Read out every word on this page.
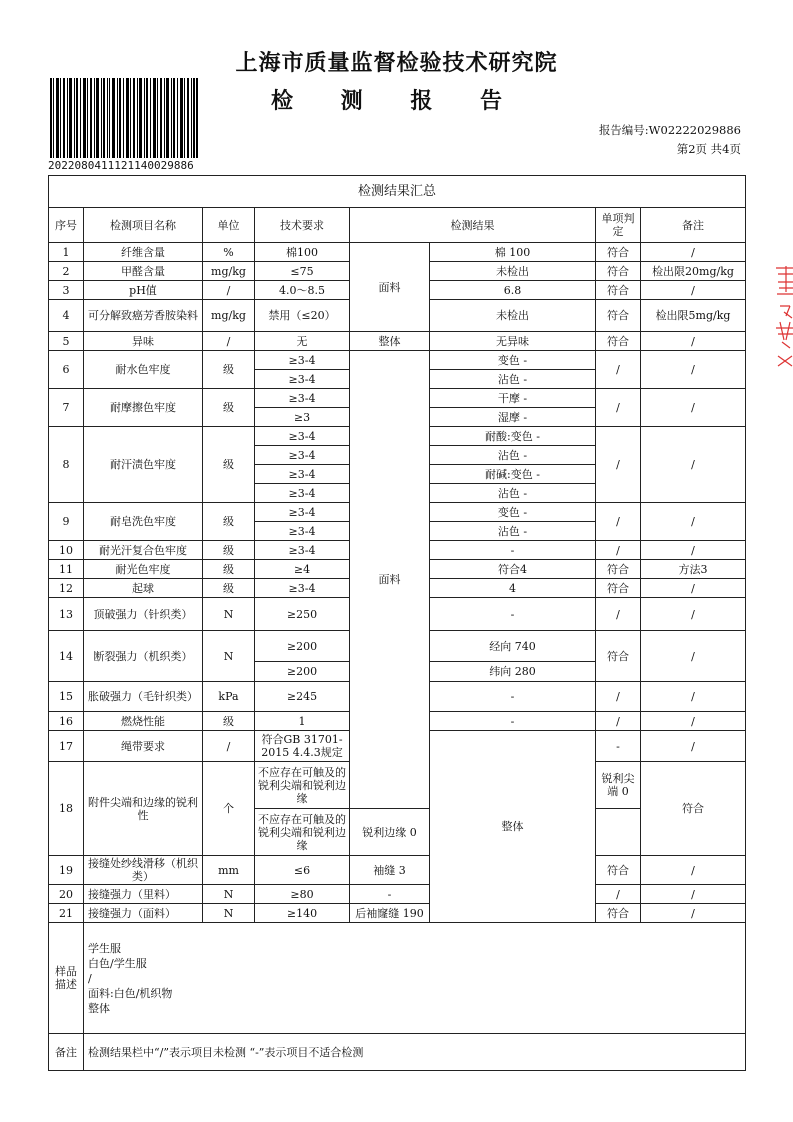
上海市质量监督检验技术研究院
检 测 报 告
2022080411121140029886
报告编号:W02222029886
第2页 共4页
检测结果汇总								
序号	检测项目名称	单位	技术要求	检测结果		单项判定	备注	
1	纤维含量	%	棉100	面料	棉 100	符合	/	
2	甲醛含量	mg/kg	≤75		未检出	符合	检出限20mg/kg	
3	pH值	/	4.0～8.5		6.8	符合	/	
4	可分解致癌芳香胺染料	mg/kg	禁用（≤20）		未检出	符合	检出限5mg/kg	
5	异味	/	无	整体	无异味	符合	/	
6	耐水色牢度	级	≥3-4	面料	变色 -	/	/	
			≥3-4		沾色 -			
7	耐摩擦色牢度	级	≥3-4		干摩 -	/	/	
			≥3		湿摩 -			
8	耐汗渍色牢度	级	≥3-4		耐酸:变色 -	/	/	
			≥3-4		沾色 -			
			≥3-4		耐碱:变色 -			
			≥3-4		沾色 -			
9	耐皂洗色牢度	级	≥3-4		变色 -	/	/	
			≥3-4		沾色 -			
10	耐光汗复合色牢度	级	≥3-4		-	/	/	
11	耐光色牢度	级	≥4		符合4	符合	方法3	
12	起球	级	≥3-4		4	符合	/	
13	顶破强力（针织类）	N	≥250		-	/	/	
14	断裂强力（机织类）	N	≥200		经向 740	符合	/	
			≥200		纬向 280			
15	胀破强力（毛针织类）	kPa	≥245		-	/	/	
16	燃烧性能	级	1		-	/	/	
17	绳带要求	/	符合GB 31701-2015 4.4.3规定		整体	-	/	
18	附件尖端和边缘的锐利性	个	不应存在可触及的锐利尖端和锐利边缘			锐利尖端 0	符合	
			不应存在可触及的锐利尖端和锐利边缘	锐利边缘 0				
19	接缝处纱线滑移（机织类）	mm	≤6	袖缝 3		符合	/	
20	接缝强力（里料）	N	≥80	-		/	/	
21	接缝强力（面料）	N	≥140	后袖窿缝 190		符合	/	
样品描述	学生服
白色/学生服
/
面料:白色/机织物
整体							

备注	检测结果栏中“/”表示项目未检测 “-”表示项目不适合检测							
